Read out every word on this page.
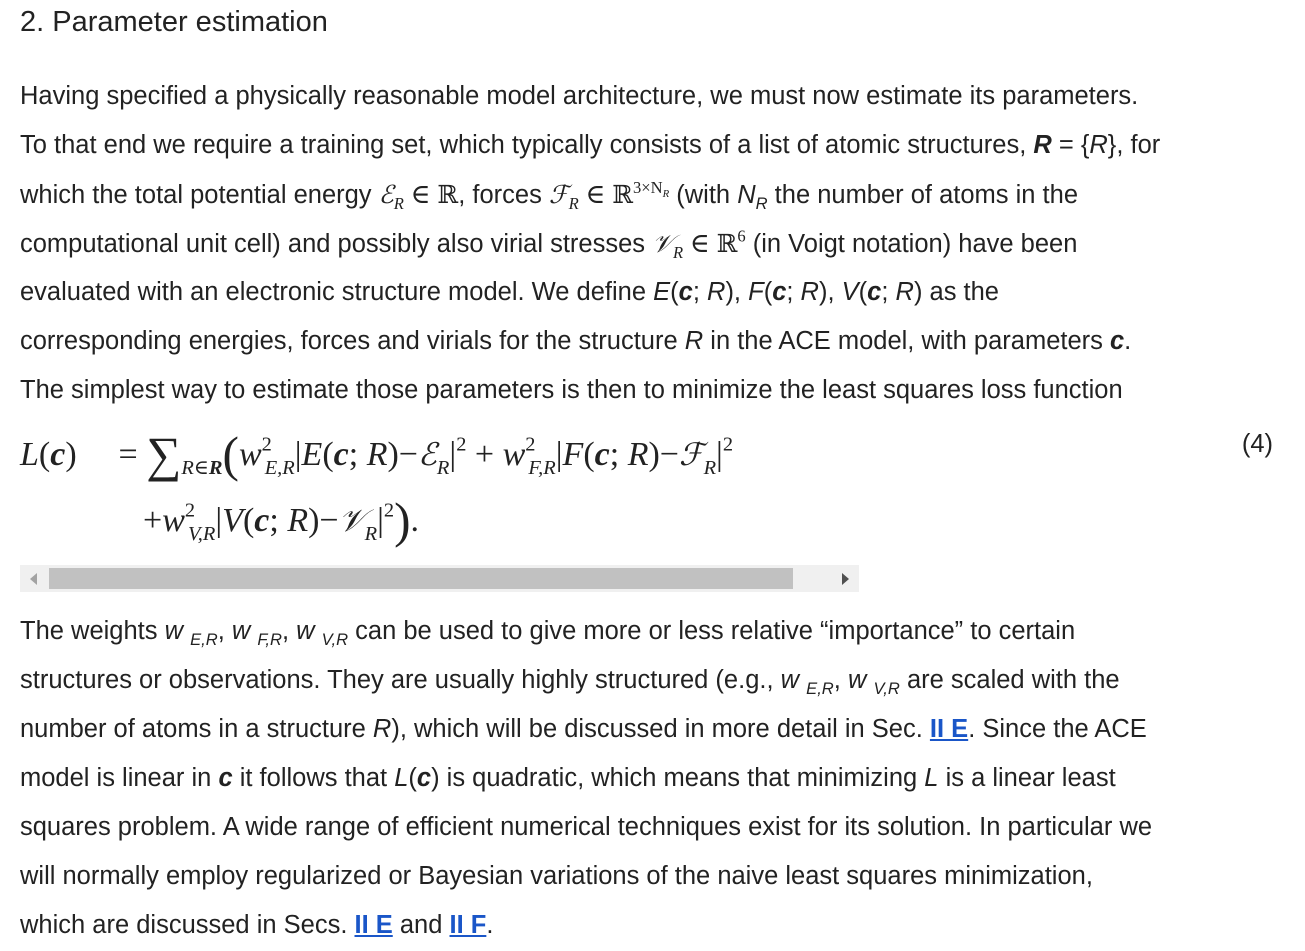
2. Parameter estimation

Having specified a physically reasonable model architecture, we must now estimate its parameters.
To that end we require a training set, which typically consists of a list of atomic structures, R = {R}, for
which the total potential energy ℰ$_R$ ∈ ℝ, forces ℱ$_R$ ∈ ℝ$^{3\times N_R}$ (with $N_R$ the number of atoms in the
computational unit cell) and possibly also virial stresses 𝒱$_R$ ∈ ℝ$^6$ (in Voigt notation) have been
evaluated with an electronic structure model. We define E(c; R), F(c; R), V(c; R) as the
corresponding energies, forces and virials for the structure R in the ACE model, with parameters c.
The simplest way to estimate those parameters is then to minimize the least squares loss function

$L(c) = \sum_{R\in R}(w^2_{E,R}|E(c$; $R)-ℰ_R|^2 + w^2_{F,R}|F(c$; $R)-ℱ_R|^2$
$+w^2_{V,R}|V(c$; $R)-𝒱_R|^2$).
(4)

The weights w $_{E,R}$, w $_{F,R}$, w $_{V,R}$ can be used to give more or less relative “importance” to certain
structures or observations. They are usually highly structured (e.g., w $_{E,R}$, w $_{V,R}$ are scaled with the
number of atoms in a structure R), which will be discussed in more detail in Sec. II E. Since the ACE
model is linear in c it follows that L(c) is quadratic, which means that minimizing L is a linear least
squares problem. A wide range of efficient numerical techniques exist for its solution. In particular we
will normally employ regularized or Bayesian variations of the naive least squares minimization,
which are discussed in Secs. II E and II F.
